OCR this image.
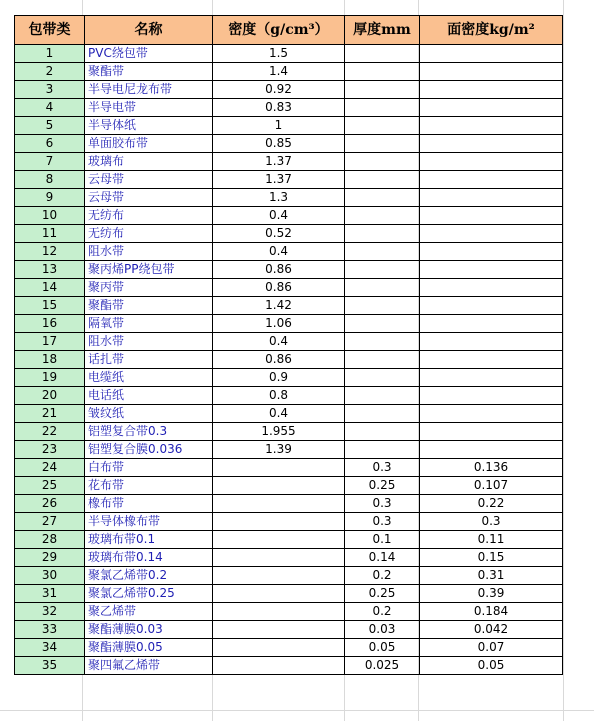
包带类	名称	密度（g/cm³）	厚度mm	面密度kg/m²
1	PVC绕包带	1.5		
2	聚酯带	1.4		
3	半导电尼龙布带	0.92		
4	半导电带	0.83		
5	半导体纸	1		
6	单面胶布带	0.85		
7	玻璃布	1.37		
8	云母带	1.37		
9	云母带	1.3		
10	无纺布	0.4		
11	无纺布	0.52		
12	阻水带	0.4		
13	聚丙烯PP绕包带	0.86		
14	聚丙带	0.86		
15	聚酯带	1.42		
16	隔氧带	1.06		
17	阻水带	0.4		
18	话扎带	0.86		
19	电缆纸	0.9		
20	电话纸	0.8		
21	皱纹纸	0.4		
22	铝塑复合带0.3	1.955		
23	铝塑复合膜0.036	1.39		
24	白布带		0.3	0.136
25	花布带		0.25	0.107
26	橡布带		0.3	0.22
27	半导体橡布带		0.3	0.3
28	玻璃布带0.1		0.1	0.11
29	玻璃布带0.14		0.14	0.15
30	聚氯乙烯带0.2		0.2	0.31
31	聚氯乙烯带0.25		0.25	0.39
32	聚乙烯带		0.2	0.184
33	聚酯薄膜0.03		0.03	0.042
34	聚酯薄膜0.05		0.05	0.07
35	聚四氟乙烯带		0.025	0.05
